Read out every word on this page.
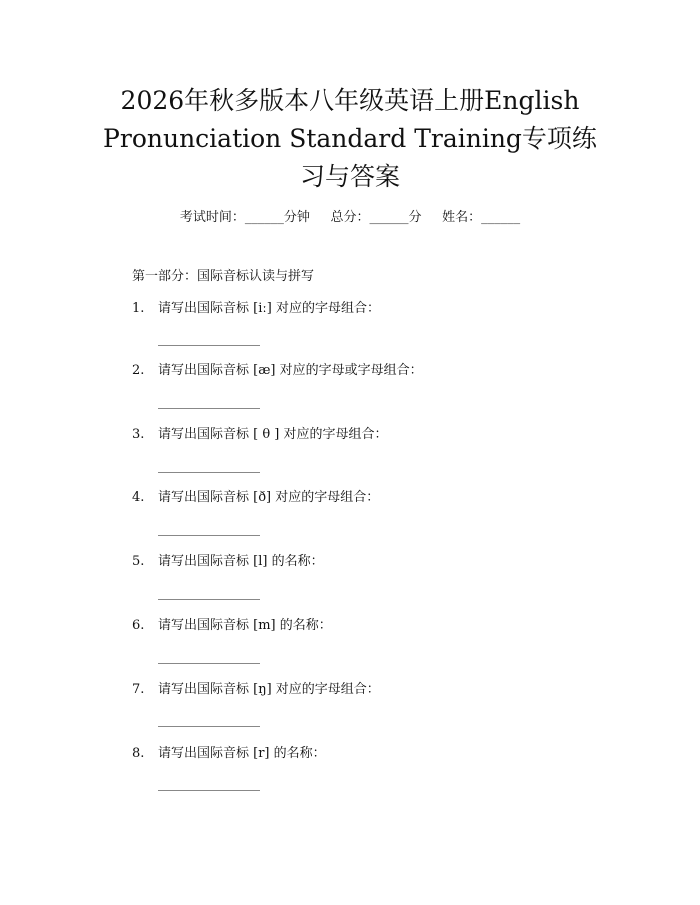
2026年秋多版本八年级英语上册English
Pronunciation Standard Training专项练
习与答案
考试时间：______分钟     总分：______分     姓名：______
第一部分：国际音标认读与拼写
1. 请写出国际音标 [iː] 对应的字母组合：
2. 请写出国际音标 [æ] 对应的字母或字母组合：
3. 请写出国际音标 [ θ ] 对应的字母组合：
4. 请写出国际音标 [ð] 对应的字母组合：
5. 请写出国际音标 [l] 的名称：
6. 请写出国际音标 [m] 的名称：
7. 请写出国际音标 [ŋ] 对应的字母组合：
8. 请写出国际音标 [r] 的名称：
